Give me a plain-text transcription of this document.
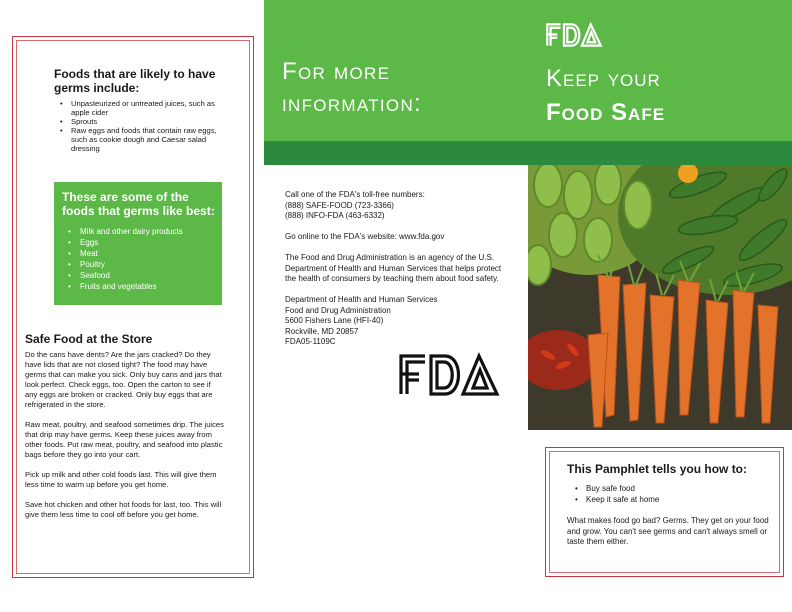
Foods that are likely to have germs include:
• Unpasteurized or untreated juices, such as apple cider
• Sprouts
• Raw eggs and foods that contain raw eggs, such as cookie dough and Caesar salad dressing
These are some of the foods that germs like best:
• Milk and other dairy products
• Eggs
• Meat
• Poultry
• Seafood
• Fruits and vegetables
Safe Food at the Store

Do the cans have dents? Are the jars cracked? Do they have lids that are not closed tight? The food may have germs that can make you sick. Only buy cans and jars that look perfect. Check eggs, too. Open the carton to see if any eggs are broken or cracked. Only buy eggs that are refrigerated in the store.

Raw meat, poultry, and seafood sometimes drip. The juices that drip may have germs. Keep these juices away from other foods. Put raw meat, poultry, and seafood into plastic bags before they go into your cart.

Pick up milk and other cold foods last. This will give them less time to warm up before you get home.

Save hot chicken and other hot foods for last, too. This will give them less time to cool off before you get home.

For more information:
Keep your
Food Safe

Call one of the FDA's toll-free numbers:
(888) SAFE-FOOD (723-3366)
(888) INFO-FDA (463-6332)

Go online to the FDA's website: www.fda.gov

The Food and Drug Administration is an agency of the U.S. Department of Health and Human Services that helps protect the health of consumers by teaching them about food safety.

Department of Health and Human Services
Food and Drug Administration
5600 Fishers Lane (HFI-40)
Rockville, MD 20857
FDA05-1109C

This Pamphlet tells you how to:
• Buy safe food
• Keep it safe at home
What makes food go bad? Germs. They get on your food and grow. You can't see germs and can't always smell or taste them either.
